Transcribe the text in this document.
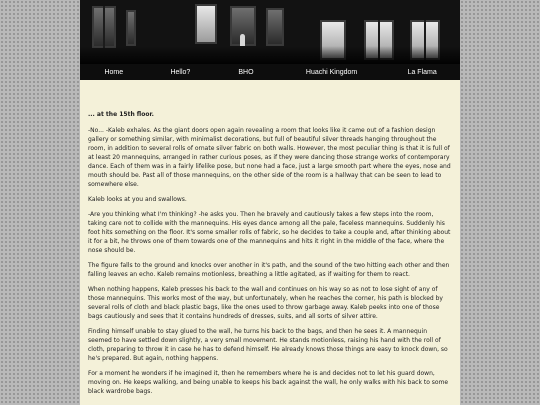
Home	Hello?	BHO	Huachi Kingdom	La Flama

... at the 15th floor.

-No... -Kaleb exhales. As the giant doors open again revealing a room that looks like it came out of a fashion design gallery or something similar, with minimalist decorations, but full of beautiful silver threads hanging throughout the room, in addition to several rolls of ornate silver fabric on both walls. However, the most peculiar thing is that it is full of at least 20 mannequins, arranged in rather curious poses, as if they were dancing those strange works of contemporary dance. Each of them was in a fairly lifelike pose, but none had a face, just a large smooth part where the eyes, nose and mouth should be. Past all of those mannequins, on the other side of the room is a hallway that can be seen to lead to somewhere else.

Kaleb looks at you and swallows.

-Are you thinking what I'm thinking? -he asks you. Then he bravely and cautiously takes a few steps into the room, taking care not to collide with the mannequins. His eyes dance among all the pale, faceless mannequins. Suddenly his foot hits something on the floor. It's some smaller rolls of fabric, so he decides to take a couple and, after thinking about it for a bit, he throws one of them towards one of the mannequins and hits it right in the middle of the face, where the nose should be.

The figure falls to the ground and knocks over another in it's path, and the sound of the two hitting each other and then falling leaves an echo. Kaleb remains motionless, breathing a little agitated, as if waiting for them to react.

When nothing happens, Kaleb presses his back to the wall and continues on his way so as not to lose sight of any of those mannequins. This works most of the way, but unfortunately, when he reaches the corner, his path is blocked by several rolls of cloth and black plastic bags, like the ones used to throw garbage away. Kaleb peeks into one of those bags cautiously and sees that it contains hundreds of dresses, suits, and all sorts of silver attire.

Finding himself unable to stay glued to the wall, he turns his back to the bags, and then he sees it. A mannequin seemed to have settled down slightly, a very small movement. He stands motionless, raising his hand with the roll of cloth, preparing to throw it in case he has to defend himself. He already knows those things are easy to knock down, so he's prepared. But again, nothing happens.

For a moment he wonders if he imagined it, then he remembers where he is and decides not to let his guard down, moving on. He keeps walking, and being unable to keeps his back against the wall, he only walks with his back to some black wardrobe bags.
